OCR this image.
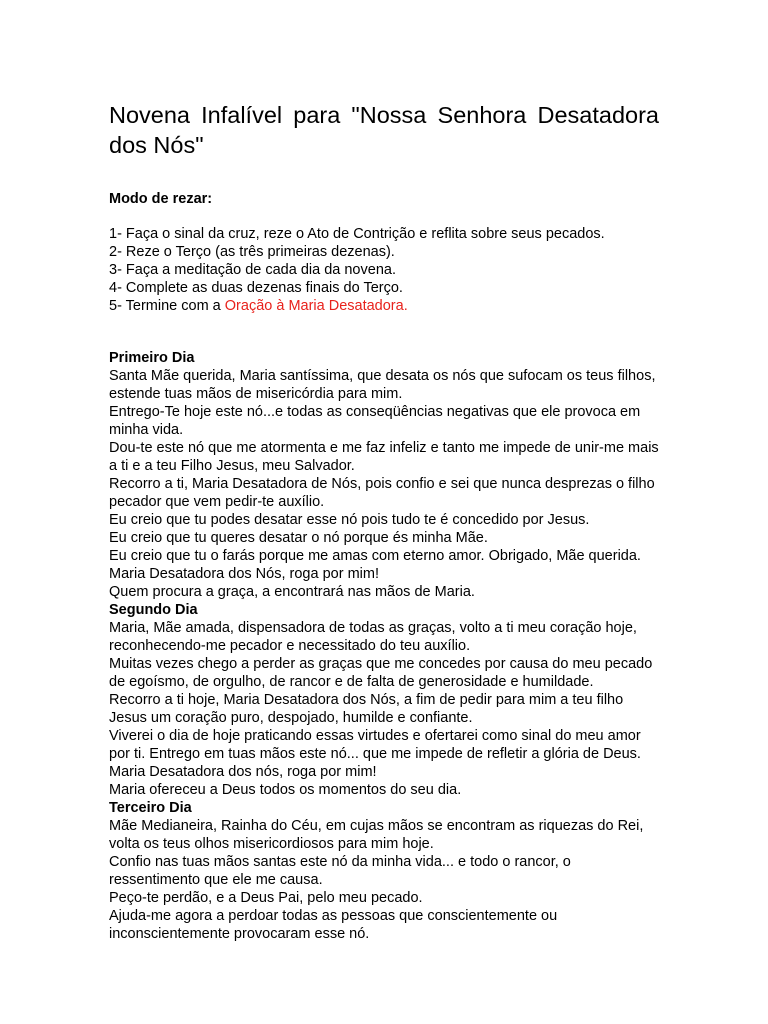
Novena Infalível para "Nossa Senhora Desatadora dos Nós"
Modo de rezar:
1- Faça o sinal da cruz, reze o Ato de Contrição e reflita sobre seus pecados.
2- Reze o Terço (as três primeiras dezenas).
3- Faça a meditação de cada dia da novena.
4- Complete as duas dezenas finais do Terço.
5- Termine com a Oração à Maria Desatadora.
Primeiro Dia
Santa Mãe querida, Maria santíssima, que desata os nós que sufocam os teus filhos, estende tuas mãos de misericórdia para mim.
Entrego-Te hoje este nó...e todas as conseqüências negativas que ele provoca em minha vida.
Dou-te este nó que me atormenta e me faz infeliz e tanto me impede de unir-me mais a ti e a teu Filho Jesus, meu Salvador.
Recorro a ti, Maria Desatadora de Nós, pois confio e sei que nunca desprezas o filho pecador que vem pedir-te auxílio.
Eu creio que tu podes desatar esse nó pois tudo te é concedido por Jesus.
Eu creio que tu queres desatar o nó porque és minha Mãe.
Eu creio que tu o farás porque me amas com eterno amor. Obrigado, Mãe querida.
Maria Desatadora dos Nós, roga por mim!
Quem procura a graça, a encontrará nas mãos de Maria.
Segundo Dia
Maria, Mãe amada, dispensadora de todas as graças, volto a ti meu coração hoje, reconhecendo-me pecador e necessitado do teu auxílio.
Muitas vezes chego a perder as graças que me concedes por causa do meu pecado de egoísmo, de orgulho, de rancor e de falta de generosidade e humildade.
Recorro a ti hoje, Maria Desatadora dos Nós, a fim de pedir para mim a teu filho Jesus um coração puro, despojado, humilde e confiante.
Viverei o dia de hoje praticando essas virtudes e ofertarei como sinal do meu amor por ti. Entrego em tuas mãos este nó... que me impede de refletir a glória de Deus.
Maria Desatadora dos nós, roga por mim!
Maria ofereceu a Deus todos os momentos do seu dia.
Terceiro Dia
Mãe Medianeira, Rainha do Céu, em cujas mãos se encontram as riquezas do Rei, volta os teus olhos misericordiosos para mim hoje.
Confio nas tuas mãos santas este nó da minha vida... e todo o rancor, o ressentimento que ele me causa.
Peço-te perdão, e a Deus Pai, pelo meu pecado.
Ajuda-me agora a perdoar todas as pessoas que conscientemente ou inconscientemente provocaram esse nó.
